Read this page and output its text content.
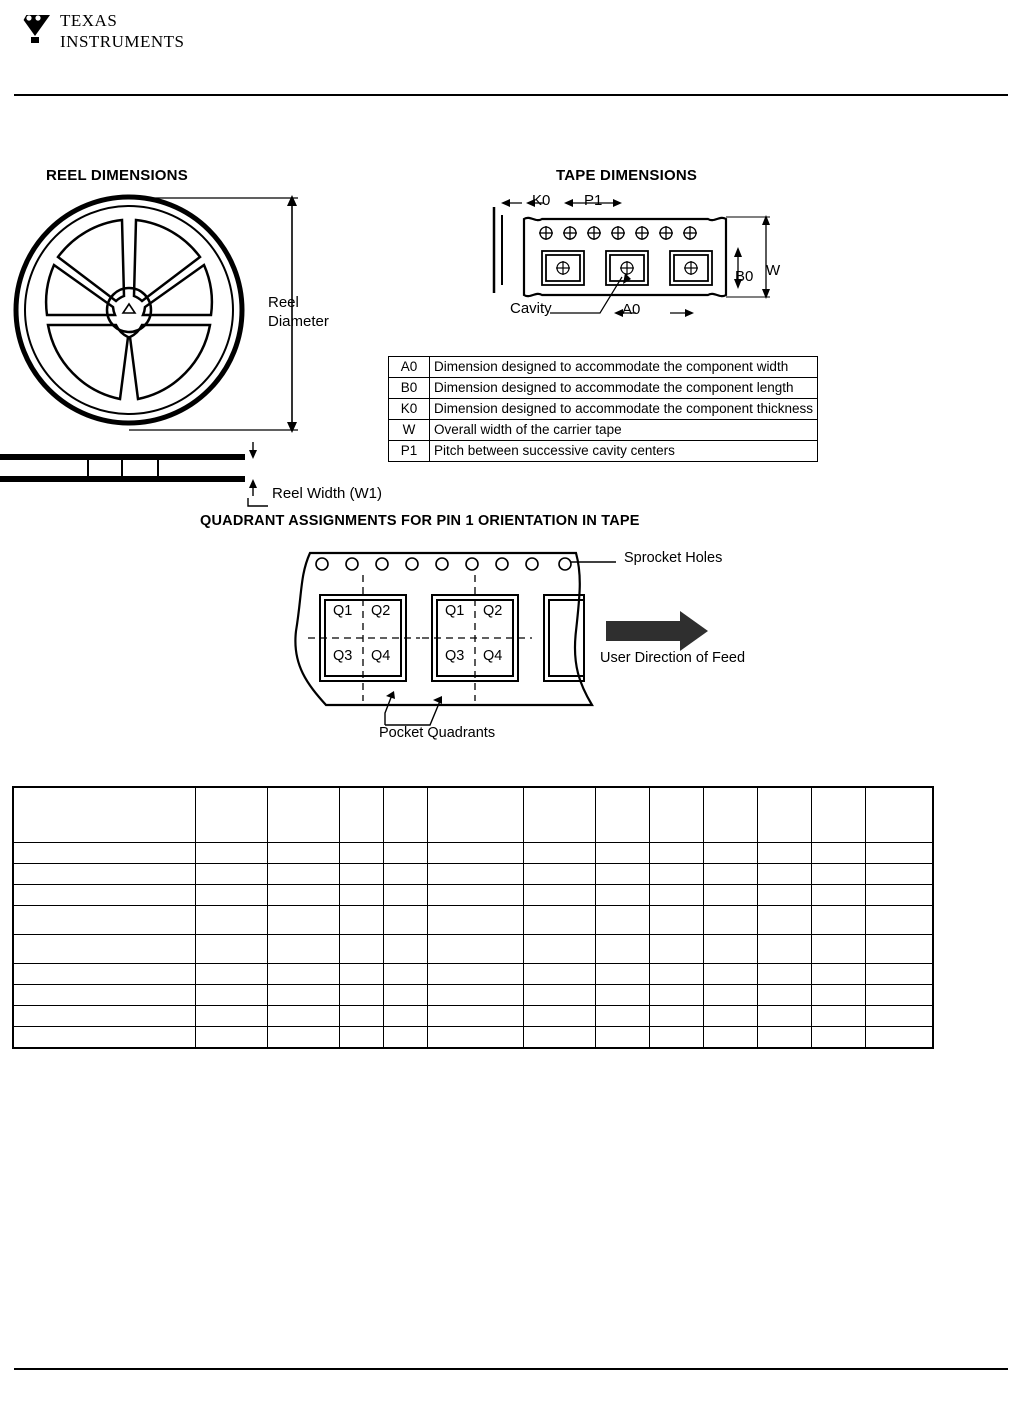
TEXAS
INSTRUMENTS
REEL DIMENSIONS	TAPE DIMENSIONS
QUADRANT ASSIGNMENTS FOR PIN 1 ORIENTATION IN TAPE
Reel
Diameter
Reel Width (W1)
K0 P1
W
B0
A0
Cavity
A0	Dimension designed to accommodate the component width
B0	Dimension designed to accommodate the component length
K0	Dimension designed to accommodate the component thickness
W	Overall width of the carrier tape
P1	Pitch between successive cavity centers
Q1 Q2
Q3 Q4
Q1 Q2
Q3 Q4
Sprocket Holes
User Direction of Feed
Pocket Quadrants
